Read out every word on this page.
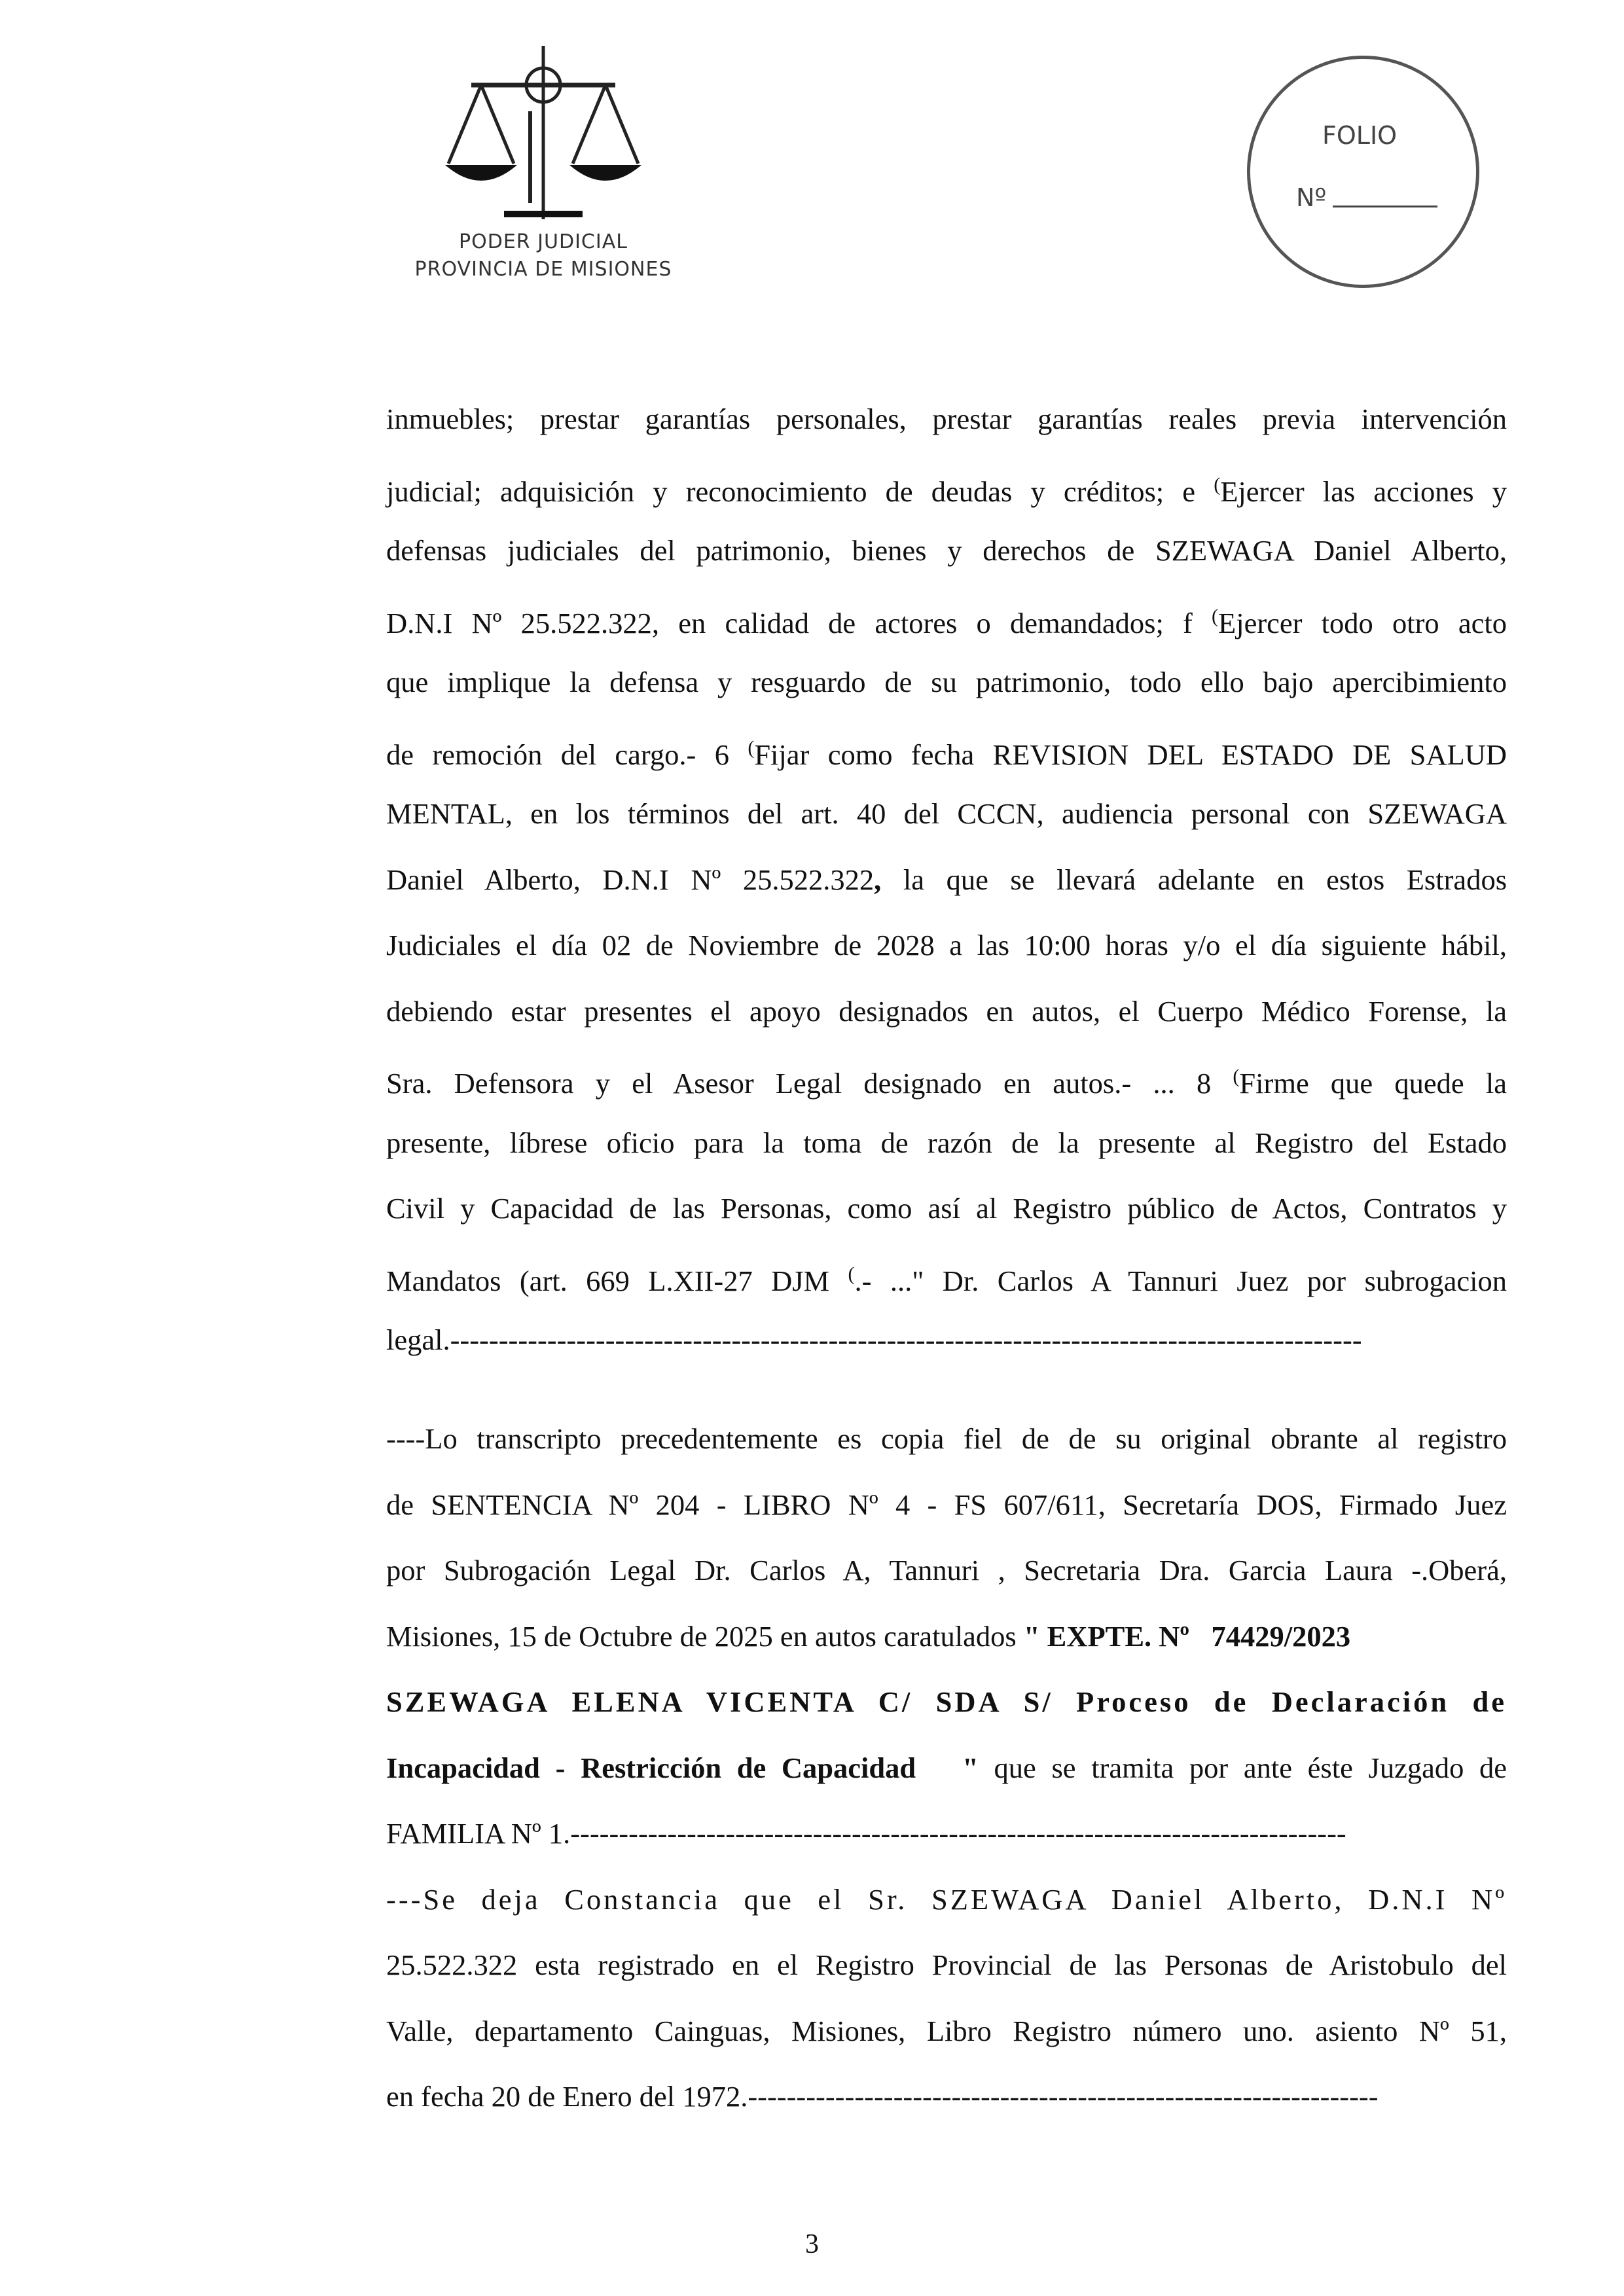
PODER JUDICIAL
PROVINCIA DE MISIONES
FOLIO
Nº
inmuebles; prestar garantías personales, prestar garantías reales previa intervención
judicial; adquisición y reconocimiento de deudas y créditos; e (Ejercer las acciones y
defensas judiciales del patrimonio, bienes y derechos de SZEWAGA Daniel Alberto,
D.N.I Nº 25.522.322, en calidad de actores o demandados; f (Ejercer todo otro acto
que implique la defensa y resguardo de su patrimonio, todo ello bajo apercibimiento
de remoción del cargo.- 6 (Fijar como fecha REVISION DEL ESTADO DE SALUD
MENTAL, en los términos del art. 40 del CCCN, audiencia personal con SZEWAGA
Daniel Alberto, D.N.I Nº 25.522.322, la que se llevará adelante en estos Estrados
Judiciales el día 02 de Noviembre de 2028 a las 10:00 horas y/o el día siguiente hábil,
debiendo estar presentes el apoyo designados en autos, el Cuerpo Médico Forense, la
Sra. Defensora y el Asesor Legal designado en autos.- ... 8 (Firme que quede la
presente, líbrese oficio para la toma de razón de la presente al Registro del Estado
Civil y Capacidad de las Personas, como así al Registro público de Actos, Contratos y
Mandatos (art. 669 L.XII-27 DJM (.- ..." Dr. Carlos A Tannuri Juez por subrogacion
legal.----------------------------------------------------------------------------------------------
----Lo transcripto precedentemente es copia fiel de de su original obrante al registro
de SENTENCIA Nº 204 - LIBRO Nº 4 - FS 607/611, Secretaría DOS, Firmado Juez
por Subrogación Legal Dr. Carlos A, Tannuri , Secretaria Dra. Garcia Laura -.Oberá,
Misiones, 15 de Octubre de 2025 en autos caratulados " EXPTE. Nº   74429/2023
SZEWAGA ELENA VICENTA C/ SDA S/ Proceso de Declaración de
Incapacidad - Restricción de Capacidad   " que se tramita por ante éste Juzgado de
FAMILIA Nº 1.--------------------------------------------------------------------------------
---Se deja Constancia que el Sr. SZEWAGA Daniel Alberto, D.N.I Nº
25.522.322 esta registrado en el Registro Provincial de las Personas de Aristobulo del
Valle, departamento Cainguas, Misiones, Libro Registro número uno. asiento Nº 51,
en fecha 20 de Enero del 1972.-----------------------------------------------------------------
3
